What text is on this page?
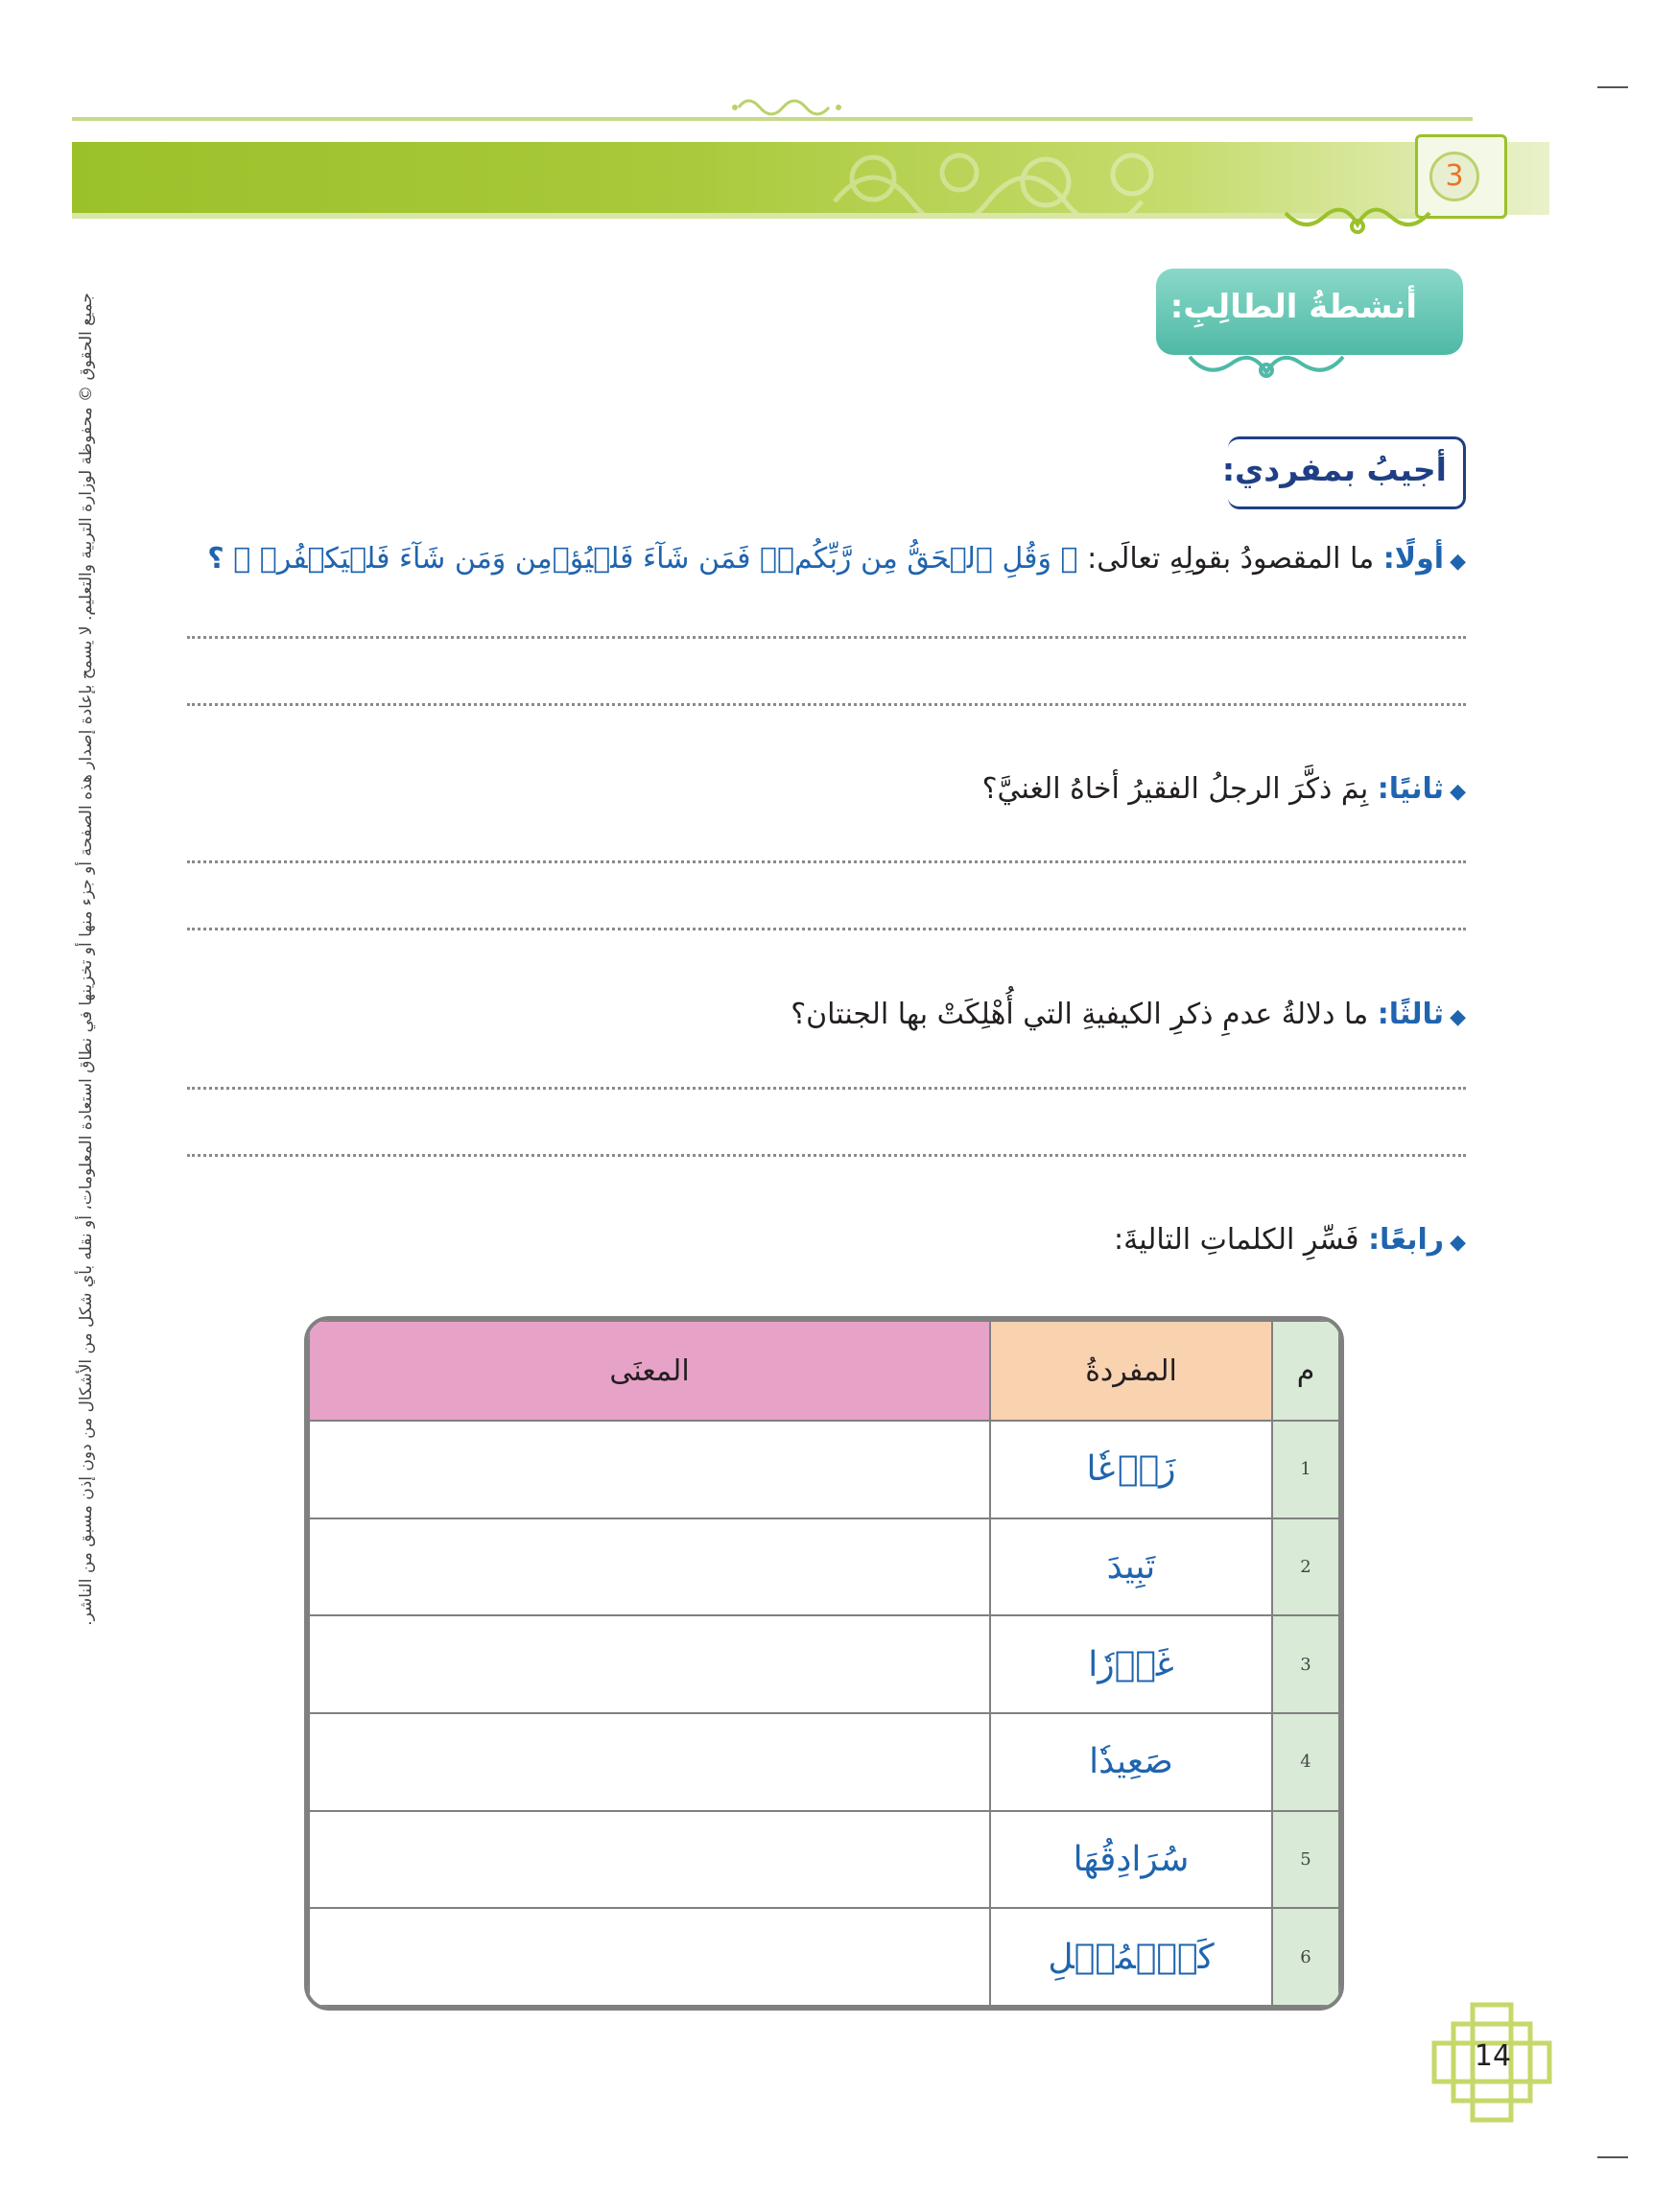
3
أنشطةُ الطالِبِ:
أجيبُ بمفردي:
◆أولًا: ما المقصودُ بقولِهِ تعالَى: ﴿ وَقُلِ ٱلۡحَقُّ مِن رَّبِّكُمۡۖ فَمَن شَآءَ فَلۡيُؤۡمِن وَمَن شَآءَ فَلۡيَكۡفُرۡ ﴾ ؟
◆ثانيًا: بِمَ ذكَّرَ الرجلُ الفقيرُ أخاهُ الغنيَّ؟
◆ثالثًا: ما دلالةُ عدمِ ذكرِ الكيفيةِ التي أُهْلِكَتْ بها الجنتان؟
◆رابعًا: فَسِّرِ الكلماتِ التاليةَ:
م	المفردةُ	المعنَى
1	زَرۡعٗا	
2	تَبِيدَ	
3	غَوۡرٗا	
4	صَعِيدٗا	
5	سُرَادِقُهَا	
6	كَٱلۡمُهۡلِ	
جميع الحقوق © محفوظة لوزارة التربية والتعليم. لا يسمح بإعادة إصدار هذه الصفحة أو جزء منها أو تخزينها في نطاق استعادة المعلومات، أو نقله بأي شكل من الأشكال من دون إذن مسبق من الناشر.
14
